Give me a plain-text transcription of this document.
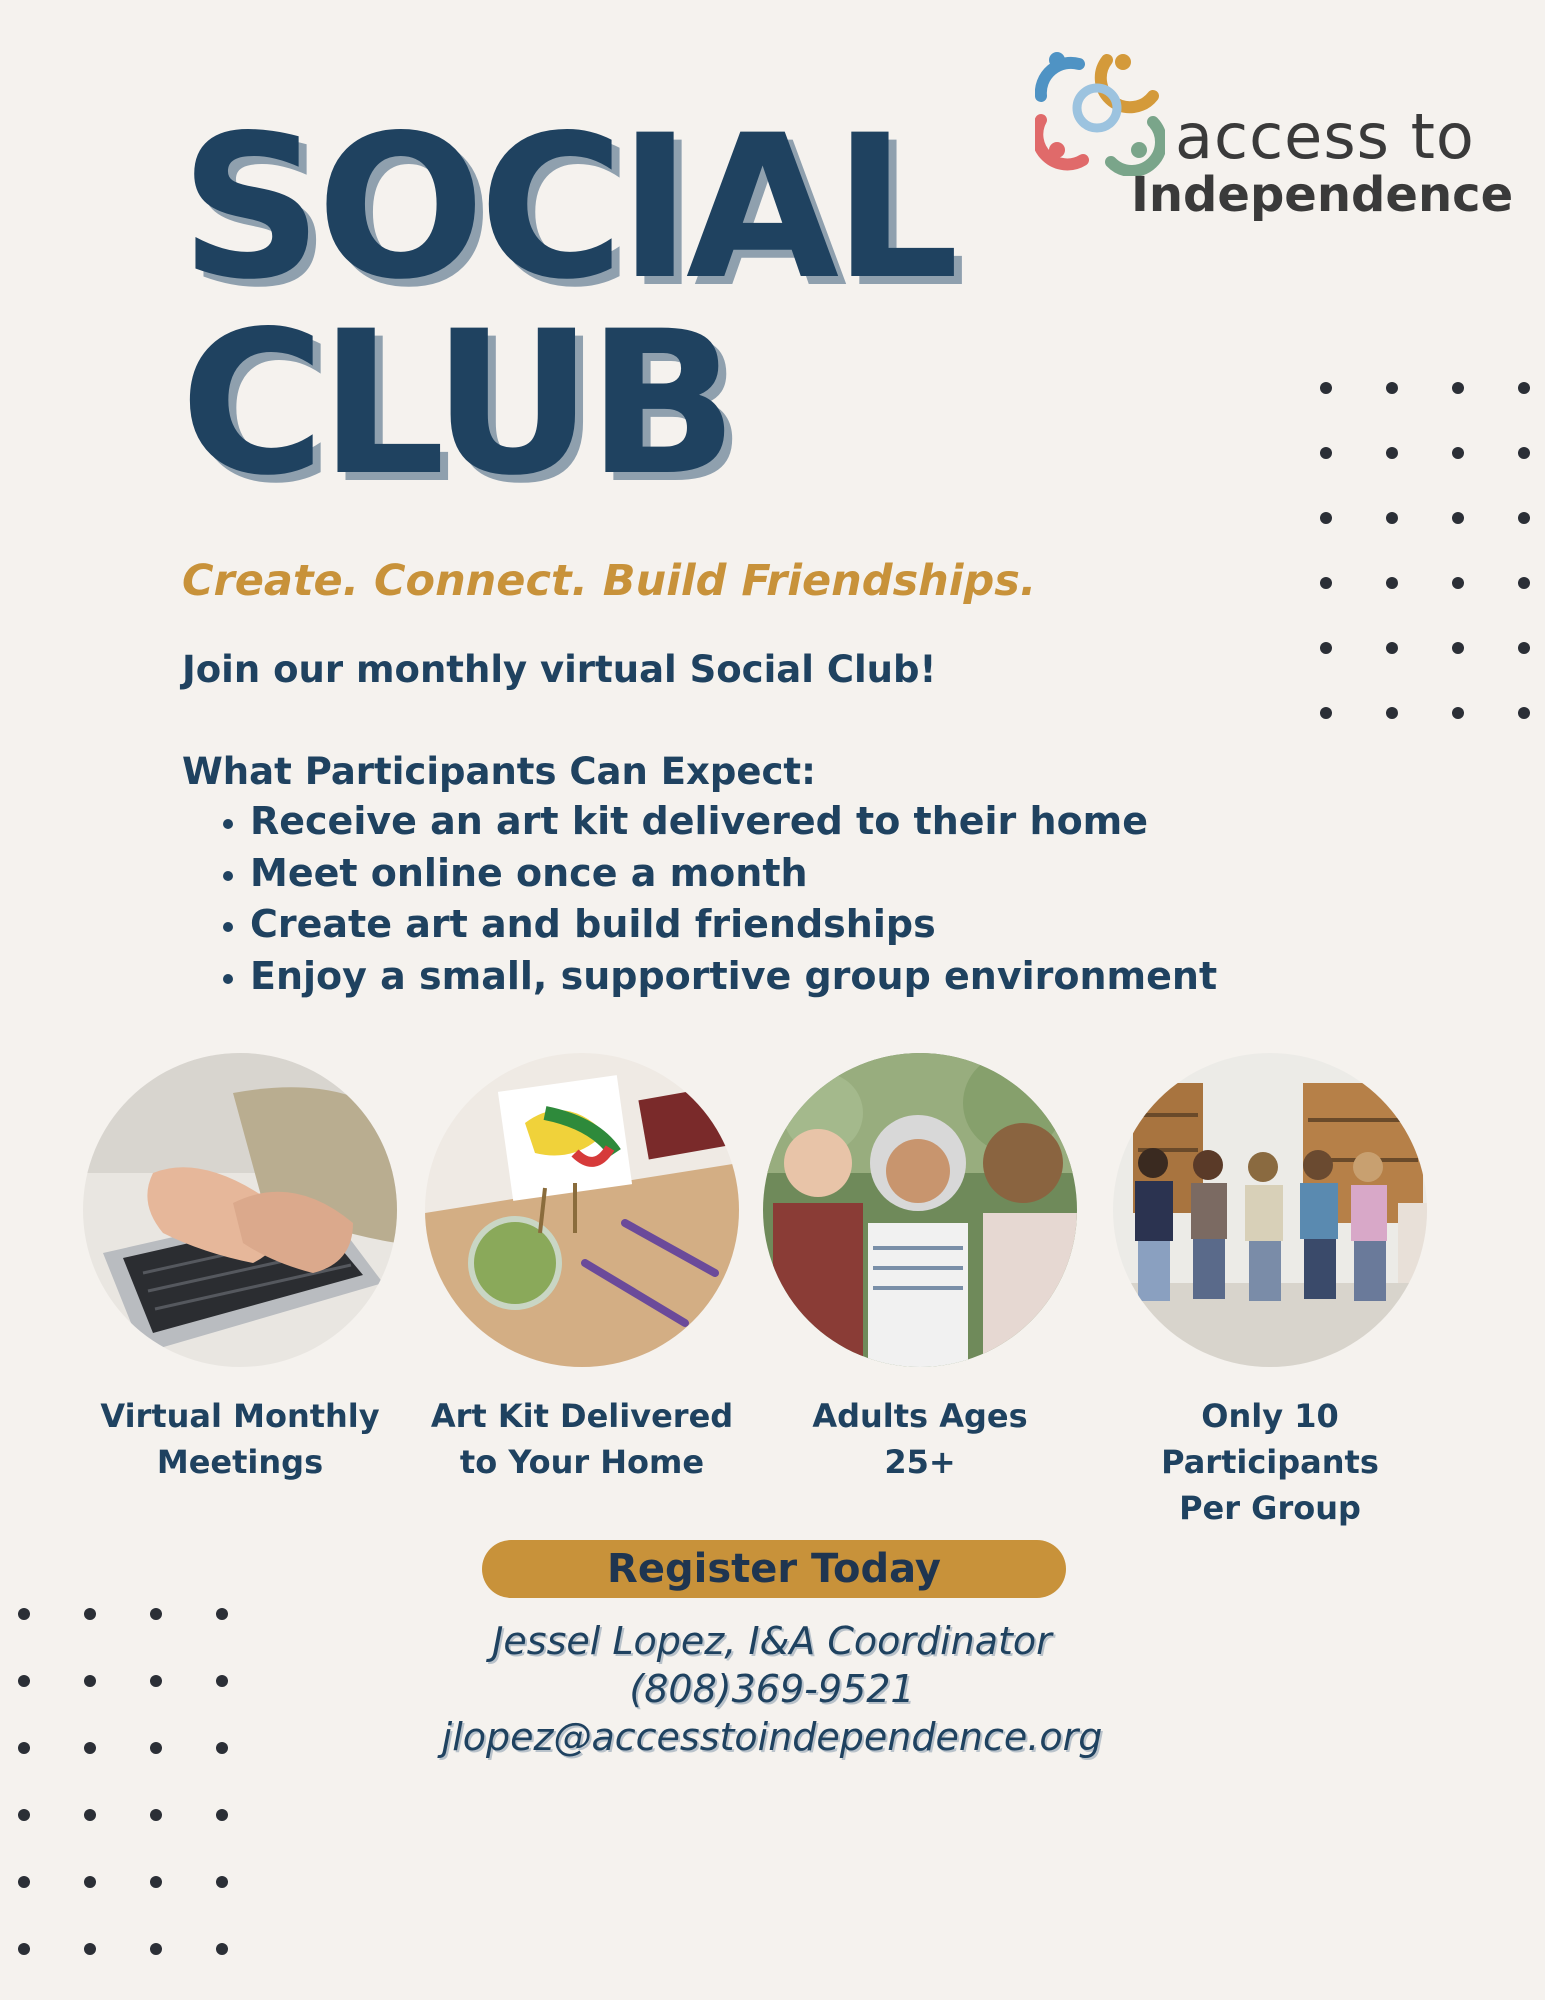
SOCIAL
CLUB
access to
Independence
Create. Connect. Build Friendships.
Join our monthly virtual Social Club!
What Participants Can Expect:
• Receive an art kit delivered to their home
• Meet online once a month
• Create art and build friendships
• Enjoy a small, supportive group environment
Virtual Monthly
Meetings
Art Kit Delivered
to Your Home
Adults Ages
25+
Only 10 Participants
Per Group
Register Today
Jessel Lopez, I&A Coordinator
(808)369-9521
jlopez@accesstoindependence.org
